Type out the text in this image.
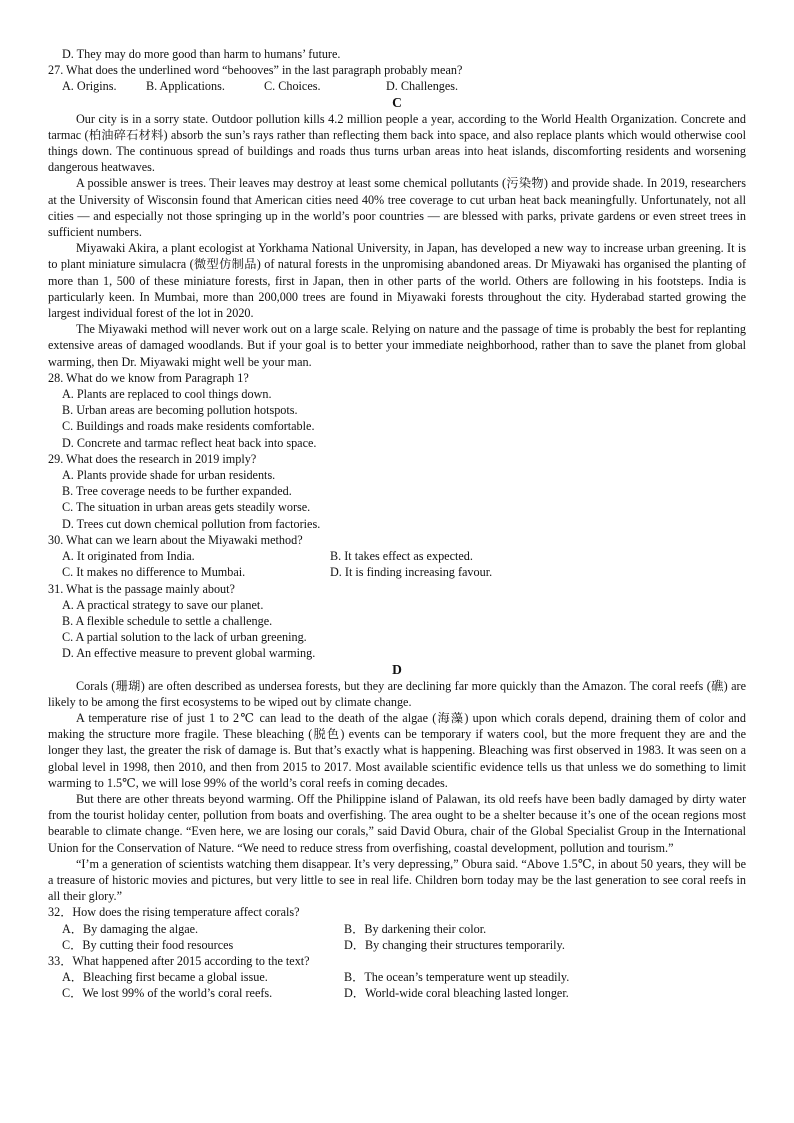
D. They may do more good than harm to humans’ future.
27. What does the underlined word “behooves” in the last paragraph probably mean?
A. Origins.	B. Applications.	C. Choices.	D. Challenges.
C
Our city is in a sorry state. Outdoor pollution kills 4.2 million people a year, according to the World Health Organization. Concrete and tarmac (柏油碎石材料) absorb the sun’s rays rather than reflecting them back into space, and also replace plants which would otherwise cool things down. The continuous spread of buildings and roads thus turns urban areas into heat islands, discomforting residents and worsening dangerous heatwaves.
A possible answer is trees. Their leaves may destroy at least some chemical pollutants (污染物) and provide shade. In 2019, researchers at the University of Wisconsin found that American cities need 40% tree coverage to cut urban heat back meaningfully. Unfortunately, not all cities — and especially not those springing up in the world’s poor countries — are blessed with parks, private gardens or even street trees in sufficient numbers.
Miyawaki Akira, a plant ecologist at Yorkhama National University, in Japan, has developed a new way to increase urban greening. It is to plant miniature simulacra (微型仿制品) of natural forests in the unpromising abandoned areas. Dr Miyawaki has organised the planting of more than 1, 500 of these miniature forests, first in Japan, then in other parts of the world. Others are following in his footsteps. India is particularly keen. In Mumbai, more than 200,000 trees are found in Miyawaki forests throughout the city. Hyderabad started growing the largest individual forest of the lot in 2020.
The Miyawaki method will never work out on a large scale. Relying on nature and the passage of time is probably the best for replanting extensive areas of damaged woodlands. But if your goal is to better your immediate neighborhood, rather than to save the planet from global warming, then Dr. Miyawaki might well be your man.
28. What do we know from Paragraph 1?
A. Plants are replaced to cool things down.
B. Urban areas are becoming pollution hotspots.
C. Buildings and roads make residents comfortable.
D. Concrete and tarmac reflect heat back into space.
29. What does the research in 2019 imply?
A. Plants provide shade for urban residents.
B. Tree coverage needs to be further expanded.
C. The situation in urban areas gets steadily worse.
D. Trees cut down chemical pollution from factories.
30. What can we learn about the Miyawaki method?
A. It originated from India.	B. It takes effect as expected.
C. It makes no difference to Mumbai.	D. It is finding increasing favour.
31. What is the passage mainly about?
A. A practical strategy to save our planet.
B. A flexible schedule to settle a challenge.
C. A partial solution to the lack of urban greening.
D. An effective measure to prevent global warming.
D
Corals (珊瑚) are often described as undersea forests, but they are declining far more quickly than the Amazon. The coral reefs (礁) are likely to be among the first ecosystems to be wiped out by climate change.
A temperature rise of just 1 to 2℃ can lead to the death of the algae (海藻) upon which corals depend, draining them of color and making the structure more fragile. These bleaching (脱色) events can be temporary if waters cool, but the more frequent they are and the longer they last, the greater the risk of damage is. But that’s exactly what is happening. Bleaching was first observed in 1983. It was seen on a global level in 1998, then 2010, and then from 2015 to 2017. Most available scientific evidence tells us that unless we do something to limit warming to 1.5℃, we will lose 99% of the world’s coral reefs in coming decades.
But there are other threats beyond warming. Off the Philippine island of Palawan, its old reefs have been badly damaged by dirty water from the tourist holiday center, pollution from boats and overfishing. The area ought to be a shelter because it’s one of the ocean regions most bearable to climate change. “Even here, we are losing our corals,” said David Obura, chair of the Global Specialist Group in the International Union for the Conservation of Nature. “We need to reduce stress from overfishing, coastal development, pollution and tourism.”
“I’m a generation of scientists watching them disappear. It’s very depressing,” Obura said. “Above 1.5℃, in about 50 years, they will be a treasure of historic movies and pictures, but very little to see in real life. Children born today may be the last generation to see coral reefs in all their glory.”
32．How does the rising temperature affect corals?
A．By damaging the algae.	B．By darkening their color.
C．By cutting their food resources	D．By changing their structures temporarily.
33．What happened after 2015 according to the text?
A．Bleaching first became a global issue.	B．The ocean’s temperature went up steadily.
C．We lost 99% of the world’s coral reefs.	D．World-wide coral bleaching lasted longer.
